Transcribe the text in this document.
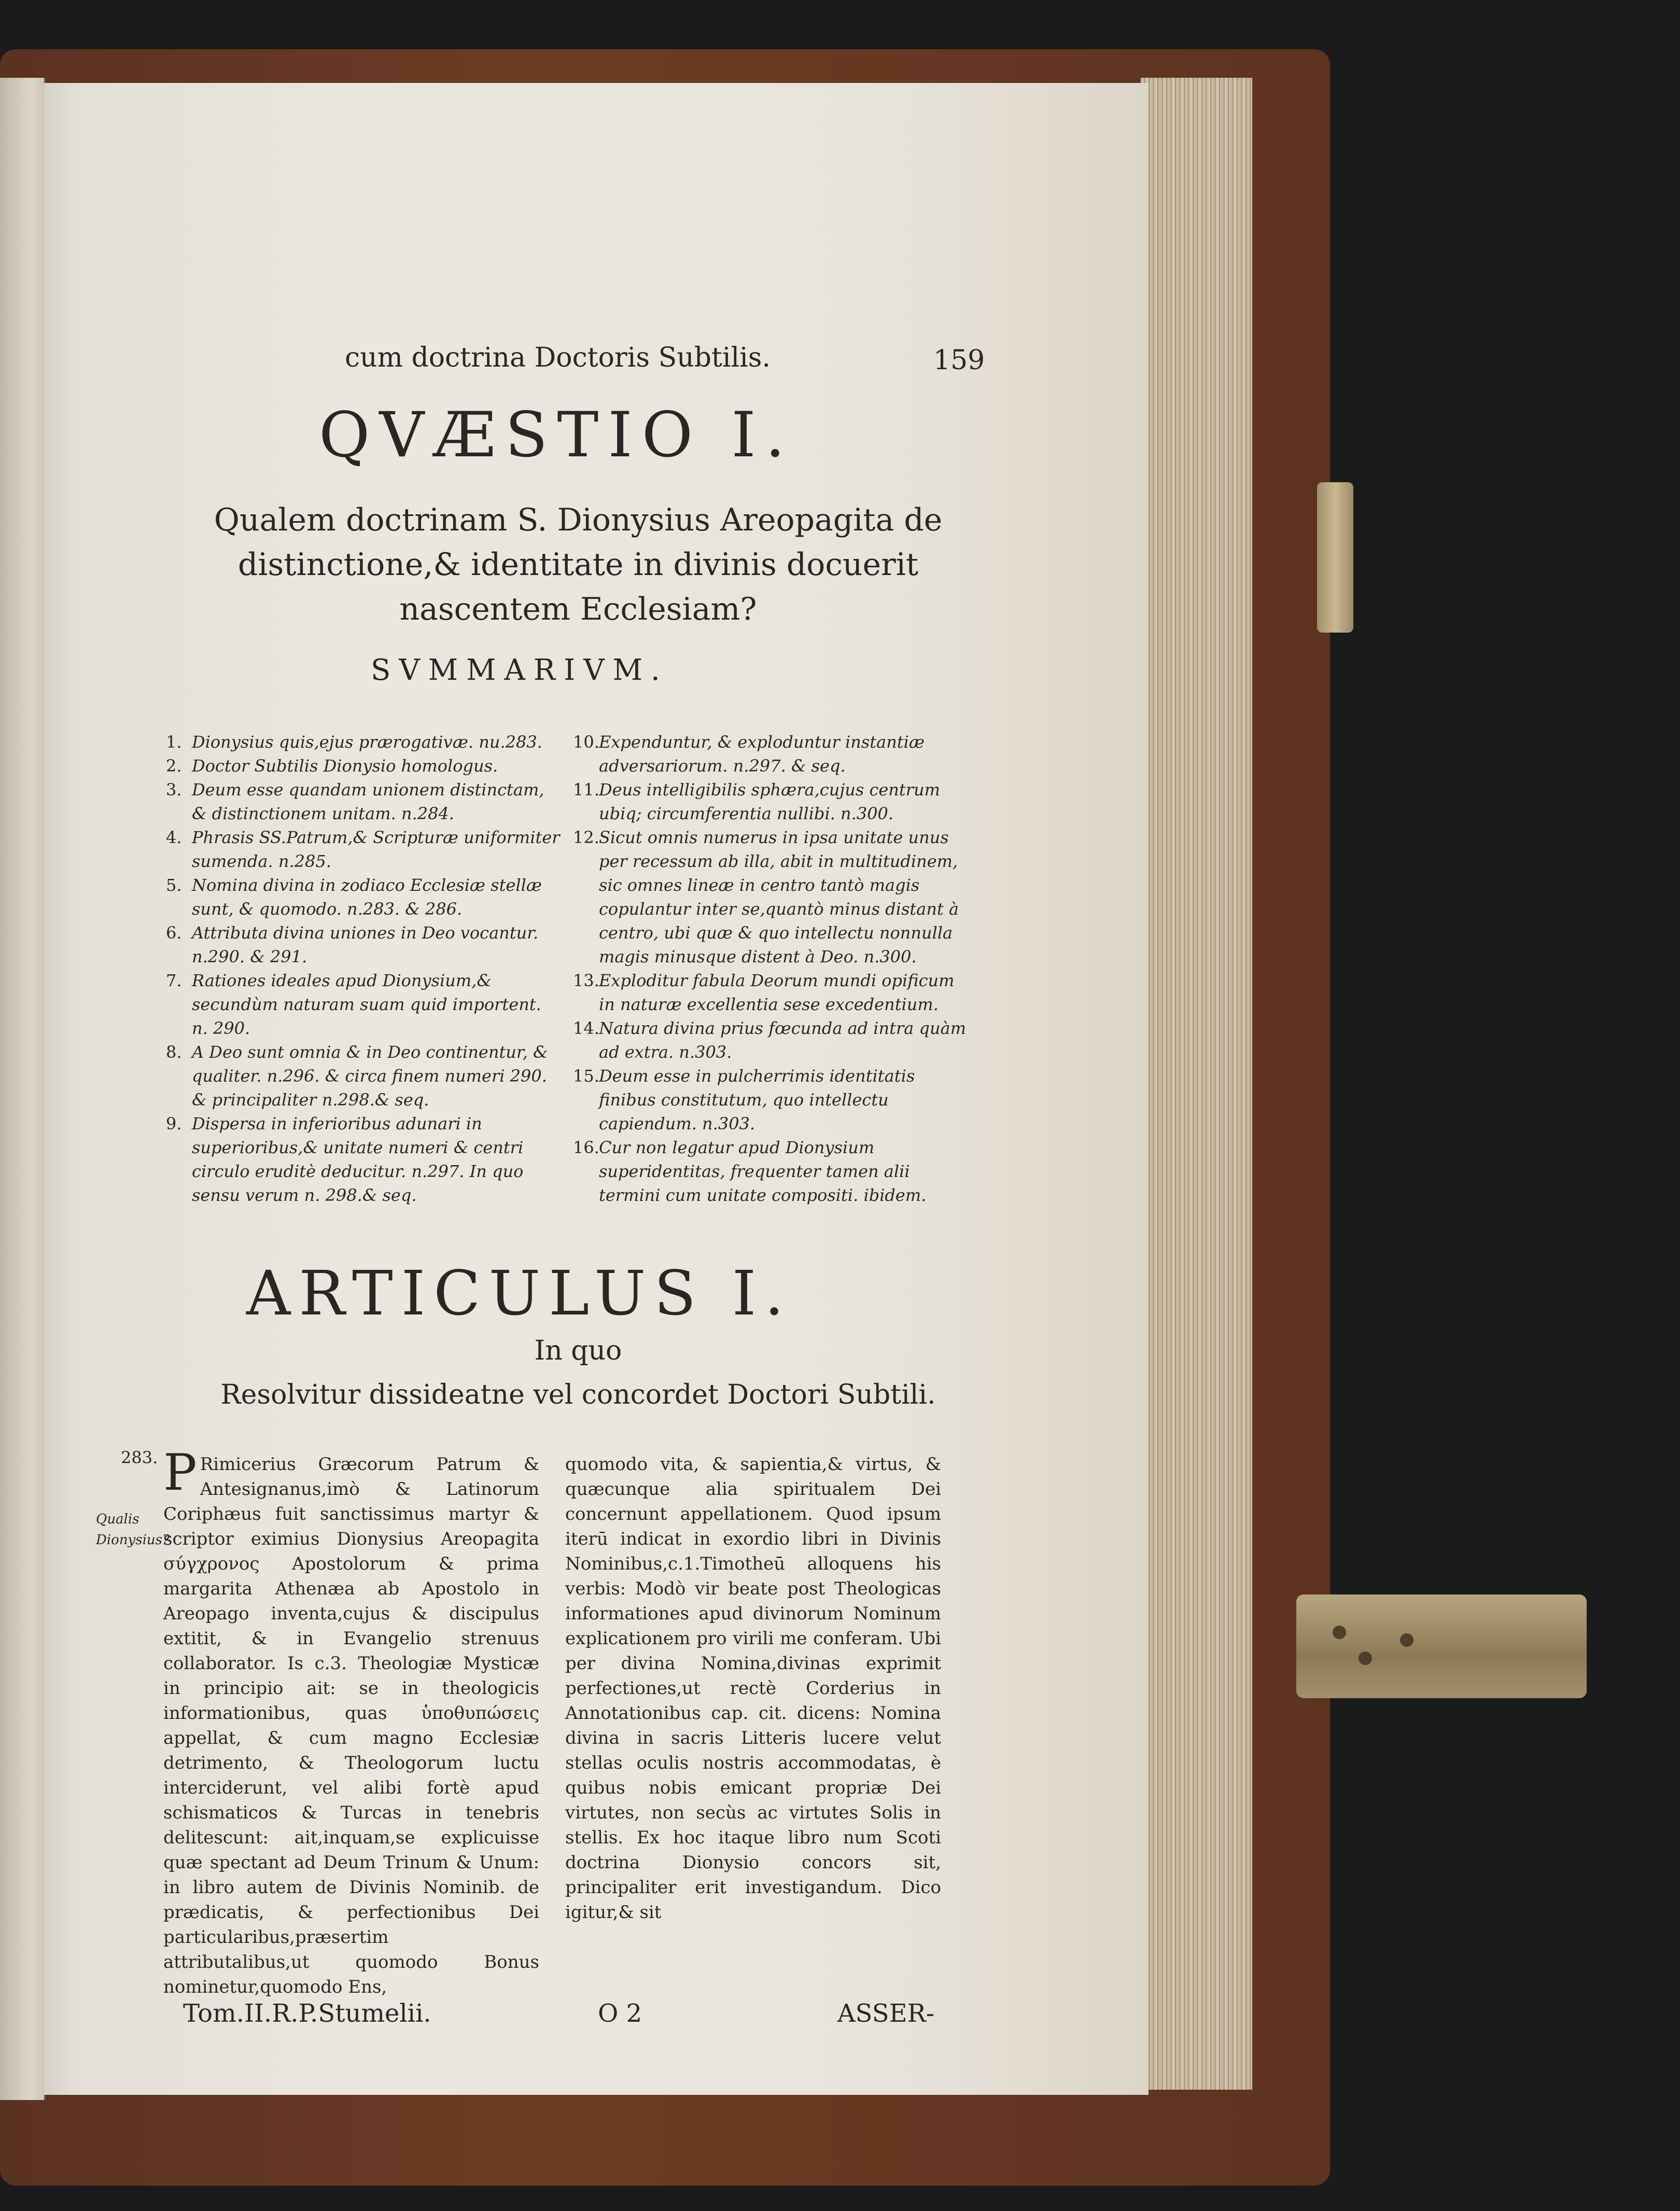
cum doctrina Doctoris Subtilis.	159
QVÆSTIO I.
Qualem doctrinam S. Dionysius Areopagita de distinctione,& identitate in divinis docuerit nascentem Ecclesiam?
SVMMARIVM.
1. Dionysius quis,ejus prærogativæ. nu.283.
2. Doctor Subtilis Dionysio homologus.
3. Deum esse quandam unionem distinctam, & distinctionem unitam. n.284.
4. Phrasis SS.Patrum,& Scripturæ uniformiter sumenda. n.285.
5. Nomina divina in zodiaco Ecclesiæ stellæ sunt, & quomodo. n.283. & 286.
6. Attributa divina uniones in Deo vocantur. n.290. & 291.
7. Rationes ideales apud Dionysium,& secundùm naturam suam quid importent. n. 290.
8. A Deo sunt omnia & in Deo continentur, & qualiter. n.296. & circa finem numeri 290. & principaliter n.298.& seq.
9. Dispersa in inferioribus adunari in superioribus,& unitate numeri & centri circulo eruditè deducitur. n.297. In quo sensu verum n. 298.& seq.
10. Expenduntur, & exploduntur instantiæ adversariorum. n.297. & seq.
11. Deus intelligibilis sphæra,cujus centrum ubiq; circumferentia nullibi. n.300.
12. Sicut omnis numerus in ipsa unitate unus per recessum ab illa, abit in multitudinem, sic omnes lineæ in centro tantò magis copulantur inter se,quantò minus distant à centro, ubi quæ & quo intellectu nonnulla magis minusque distent à Deo. n.300.
13. Exploditur fabula Deorum mundi opificum in naturæ excellentia sese excedentium.
14. Natura divina prius fœcunda ad intra quàm ad extra. n.303.
15. Deum esse in pulcherrimis identitatis finibus constitutum, quo intellectu capiendum. n.303.
16. Cur non legatur apud Dionysium superidentitas, frequenter tamen alii termini cum unitate compositi. ibidem.
ARTICULUS I.
In quo
Resolvitur dissideatne vel concordet Doctori Subtili.
283.
Qualis Dionysius?

P Rimicerius Græcorum Patrum & Antesignanus,imò & Latinorum Coriphæus fuit sanctissimus martyr & scriptor eximius Dionysius Areopagita σύγχρονος Apostolorum & prima margarita Athenæa ab Apostolo in Areopago inventa,cujus & discipulus extitit, & in Evangelio strenuus collaborator. Is c.3. Theologiæ Mysticæ in principio ait: se in theologicis informationibus, quas ὑποθυπώσεις appellat, & cum magno Ecclesiæ detrimento, & Theologorum luctu interciderunt, vel alibi fortè apud schismaticos & Turcas in tenebris delitescunt: ait,inquam,se explicuisse quæ spectant ad Deum Trinum & Unum: in libro autem de Divinis Nominib. de prædicatis, & perfectionibus Dei particularibus,præsertim attributalibus,ut quomodo Bonus nominetur,quomodo Ens,

quomodo vita, & sapientia,& virtus, & quæcunque alia spiritualem Dei concernunt appellationem. Quod ipsum iterū indicat in exordio libri in Divinis Nominibus,c.1.Timotheū alloquens his verbis: Modò vir beate post Theologicas informationes apud divinorum Nominum explicationem pro virili me conferam. Ubi per divina Nomina,divinas exprimit perfectiones,ut rectè Corderius in Annotationibus cap. cit. dicens: Nomina divina in sacris Litteris lucere velut stellas oculis nostris accommodatas, è quibus nobis emicant propriæ Dei virtutes, non secùs ac virtutes Solis in stellis. Ex hoc itaque libro num Scoti doctrina Dionysio concors sit, principaliter erit investigandum. Dico igitur,& sit

Tom.II.R.P.Stumelii.	O 2	ASSER-
